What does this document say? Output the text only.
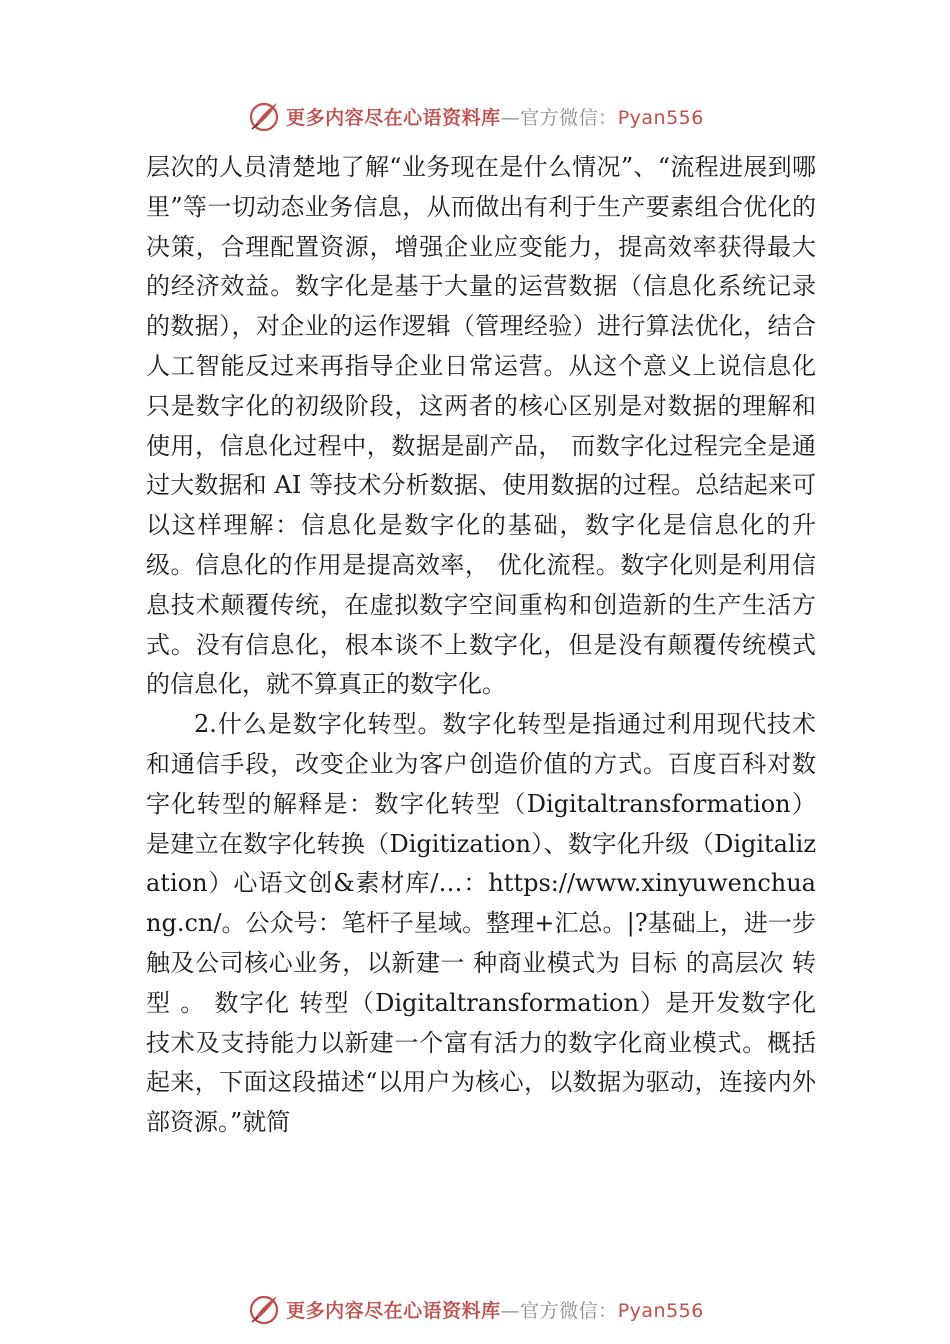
更多内容尽在心语资料库—官方微信：Pyan556

层次的人员清楚地了解“业务现在是什么情况”、“流程进展到哪里”等一切动态业务信息，从而做出有利于生产要素组合优化的决策，合理配置资源，增强企业应变能力，提高效率获得最大的经济效益。数字化是基于大量的运营数据（信息化系统记录的数据），对企业的运作逻辑（管理经验）进行算法优化，结合人工智能反过来再指导企业日常运营。从这个意义上说信息化只是数字化的初级阶段，这两者的核心区别是对数据的理解和使用，信息化过程中，数据是副产品， 而数字化过程完全是通过大数据和 AI 等技术分析数据、使用数据的过程。总结起来可以这样理解：信息化是数字化的基础，数字化是信息化的升级。信息化的作用是提高效率， 优化流程。数字化则是利用信息技术颠覆传统，在虚拟数字空间重构和创造新的生产生活方式。没有信息化，根本谈不上数字化，但是没有颠覆传统模式的信息化，就不算真正的数字化。

2.什么是数字化转型。数字化转型是指通过利用现代技术和通信手段，改变企业为客户创造价值的方式。百度百科对数字化转型的解释是：数字化转型（Digitaltransformation） 是建立在数字化转换（Digitization）、数字化升级（Digitalization）心语文创&素材库/…：https://www.xinyuwenchuang.cn/。公众号：笔杆子星域。整理+汇总。|?基础上，进一步触及公司核心业务，以新建一 种商业模式为 目标 的高层次 转型 。 数字化 转型（Digitaltransformation）是开发数字化技术及支持能力以新建一个富有活力的数字化商业模式。概括起来，下面这段描述“以用户为核心，以数据为驱动，连接内外部资源。”就简

更多内容尽在心语资料库—官方微信：Pyan556
